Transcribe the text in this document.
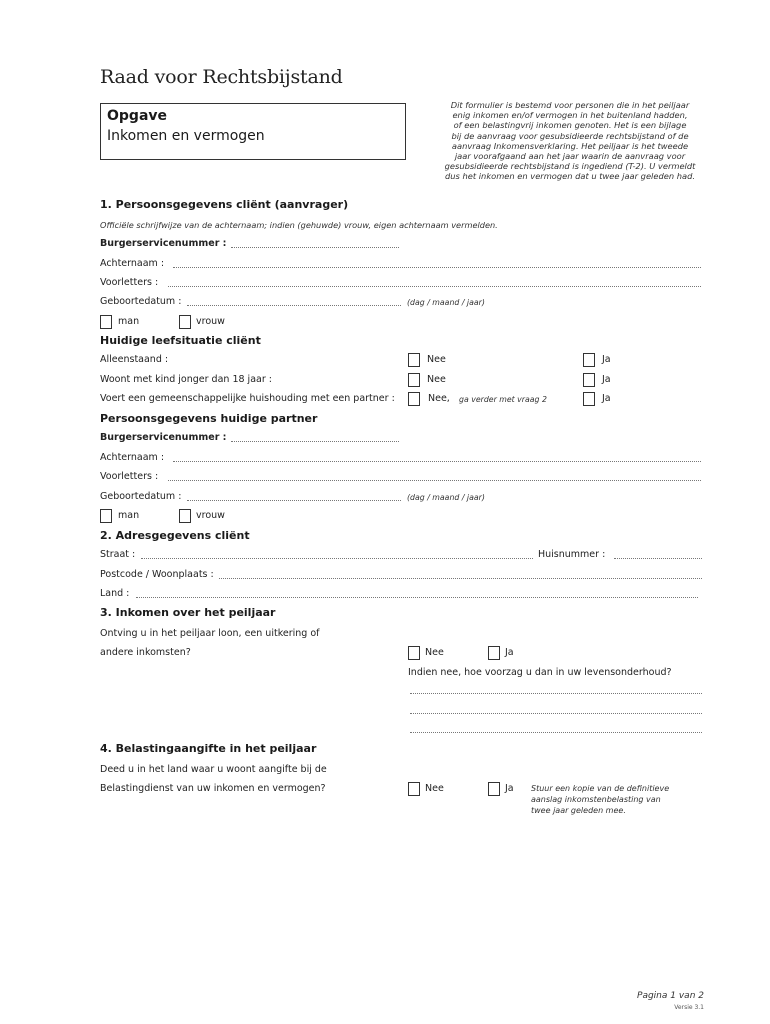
Raad voor Rechtsbijstand
Opgave
Inkomen en vermogen
Dit formulier is bestemd voor personen die in het peiljaar
enig inkomen en/of vermogen in het buitenland hadden,
of een belastingvrij inkomen genoten. Het is een bijlage
bij de aanvraag voor gesubsidieerde rechtsbijstand of de
aanvraag Inkomensverklaring. Het peiljaar is het tweede
jaar voorafgaand aan het jaar waarin de aanvraag voor
gesubsidieerde rechtsbijstand is ingediend (T-2). U vermeldt
dus het inkomen en vermogen dat u twee jaar geleden had.
1. Persoonsgegevens cliënt (aanvrager)
Officiële schrijfwijze van de achternaam; indien (gehuwde) vrouw, eigen achternaam vermelden.
Burgerservicenummer :
Achternaam :
Voorletters :
Geboortedatum :	(dag / maand / jaar)
man	vrouw
Huidige leefsituatie cliënt
Alleenstaand :	Nee	Ja
Woont met kind jonger dan 18 jaar :	Nee	Ja
Voert een gemeenschappelijke huishouding met een partner :	Nee, ga verder met vraag 2	Ja
Persoonsgegevens huidige partner
Burgerservicenummer :
Achternaam :
Voorletters :
Geboortedatum :	(dag / maand / jaar)
man	vrouw
2. Adresgegevens cliënt
Straat :	Huisnummer :
Postcode / Woonplaats :
Land :
3. Inkomen over het peiljaar
Ontving u in het peiljaar loon, een uitkering of
andere inkomsten?	Nee	Ja
Indien nee, hoe voorzag u dan in uw levensonderhoud?
4. Belastingaangifte in het peiljaar
Deed u in het land waar u woont aangifte bij de
Belastingdienst van uw inkomen en vermogen?	Nee	Ja Stuur een kopie van de definitieve aanslag inkomstenbelasting van twee jaar geleden mee.
Pagina 1 van 2
Versie 3.1
